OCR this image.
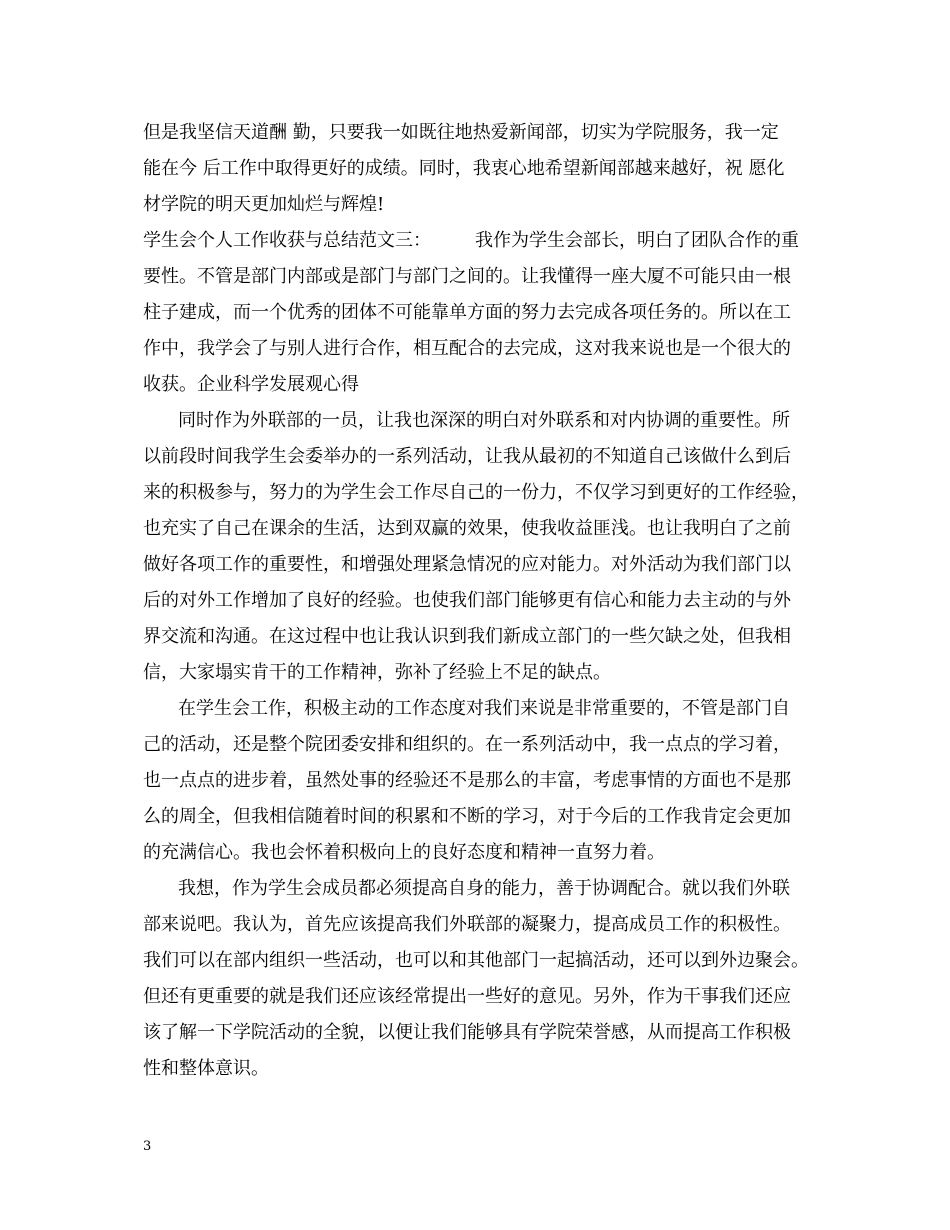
但是我坚信天道酬 勤，只要我一如既往地热爱新闻部，切实为学院服务，我一定
能在今 后工作中取得更好的成绩。同时，我衷心地希望新闻部越来越好，祝 愿化
材学院的明天更加灿烂与辉煌!
学生会个人工作收获与总结范文三： 我作为学生会部长，明白了团队合作的重
要性。不管是部门内部或是部门与部门之间的。让我懂得一座大厦不可能只由一根
柱子建成，而一个优秀的团体不可能靠单方面的努力去完成各项任务的。所以在工
作中，我学会了与别人进行合作，相互配合的去完成，这对我来说也是一个很大的
收获。企业科学发展观心得
同时作为外联部的一员，让我也深深的明白对外联系和对内协调的重要性。所
以前段时间我学生会委举办的一系列活动，让我从最初的不知道自己该做什么到后
来的积极参与，努力的为学生会工作尽自己的一份力，不仅学习到更好的工作经验，
也充实了自己在课余的生活，达到双赢的效果，使我收益匪浅。也让我明白了之前
做好各项工作的重要性，和增强处理紧急情况的应对能力。对外活动为我们部门以
后的对外工作增加了良好的经验。也使我们部门能够更有信心和能力去主动的与外
界交流和沟通。在这过程中也让我认识到我们新成立部门的一些欠缺之处，但我相
信，大家塌实肯干的工作精神，弥补了经验上不足的缺点。
在学生会工作，积极主动的工作态度对我们来说是非常重要的，不管是部门自
己的活动，还是整个院团委安排和组织的。在一系列活动中，我一点点的学习着，
也一点点的进步着，虽然处事的经验还不是那么的丰富，考虑事情的方面也不是那
么的周全，但我相信随着时间的积累和不断的学习，对于今后的工作我肯定会更加
的充满信心。我也会怀着积极向上的良好态度和精神一直努力着。
我想，作为学生会成员都必须提高自身的能力，善于协调配合。就以我们外联
部来说吧。我认为，首先应该提高我们外联部的凝聚力，提高成员工作的积极性。
我们可以在部内组织一些活动，也可以和其他部门一起搞活动，还可以到外边聚会。
但还有更重要的就是我们还应该经常提出一些好的意见。另外，作为干事我们还应
该了解一下学院活动的全貌，以便让我们能够具有学院荣誉感，从而提高工作积极
性和整体意识。
3
